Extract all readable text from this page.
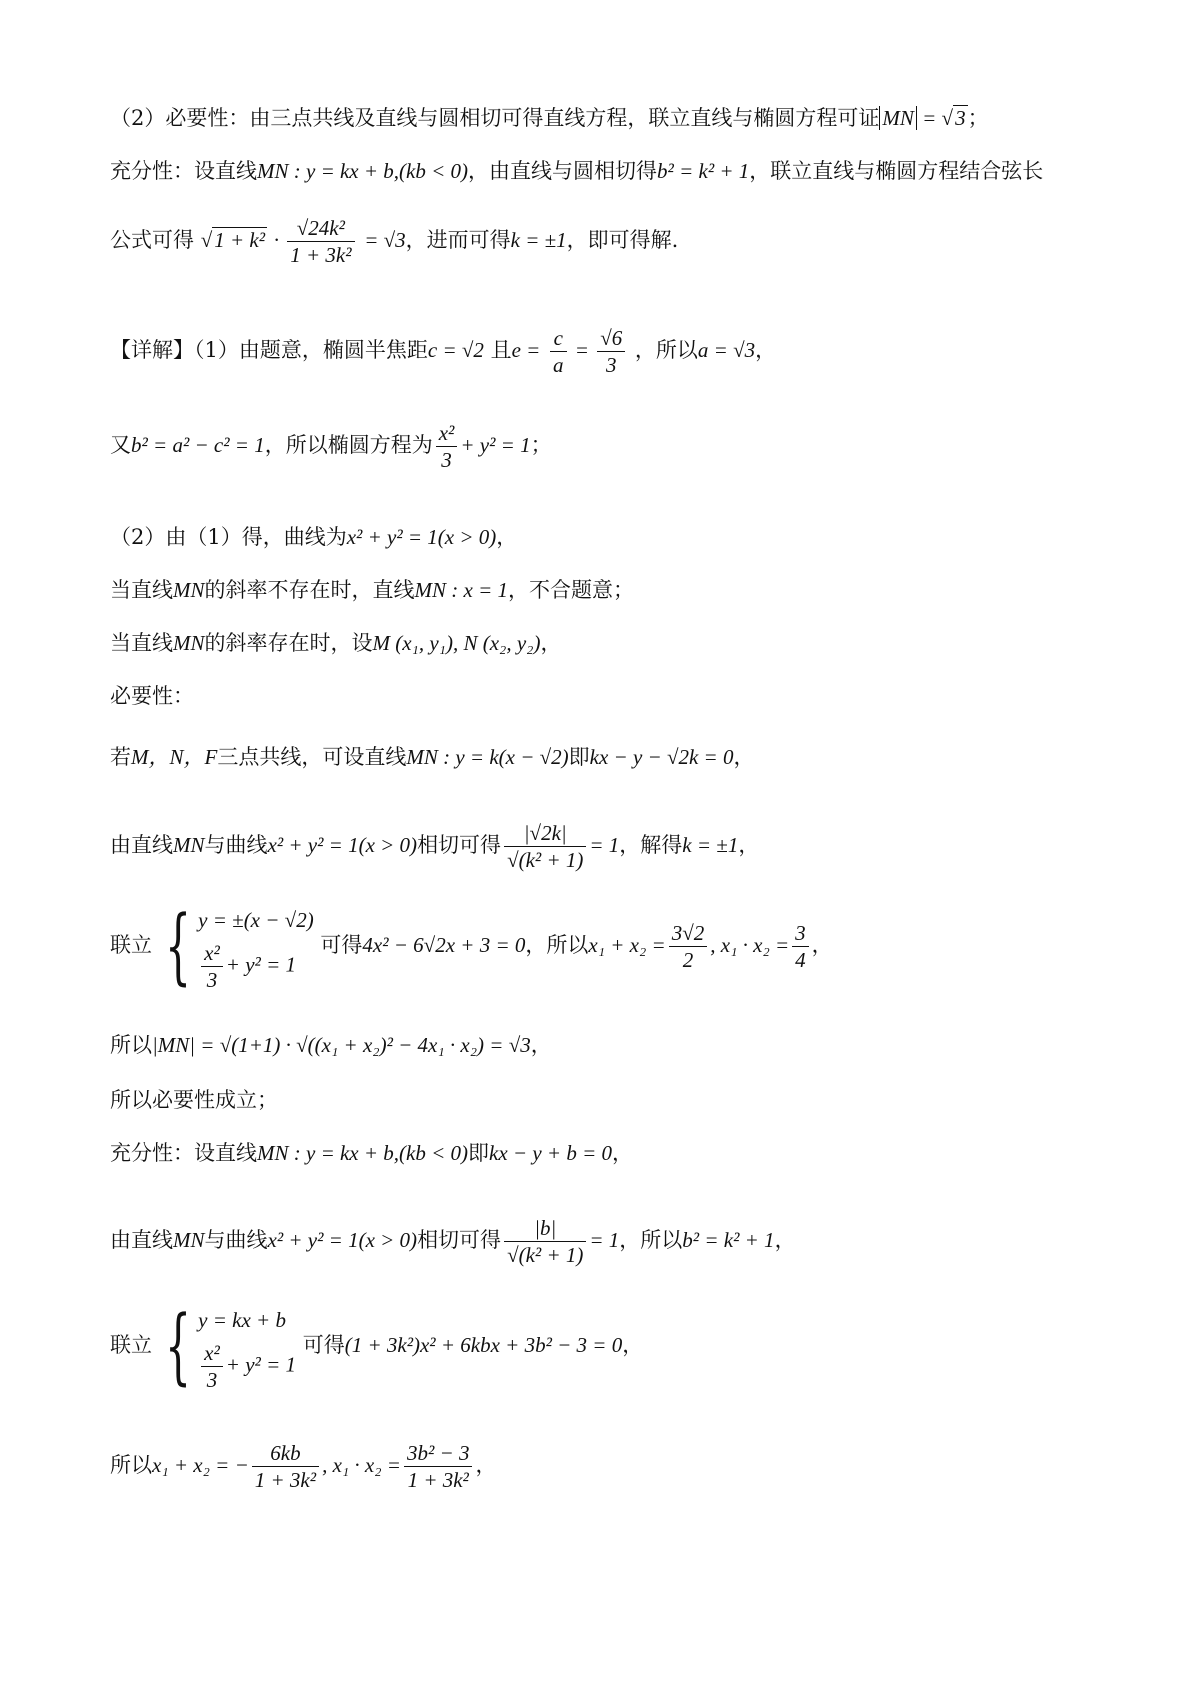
（2）必要性：由三点共线及直线与圆相切可得直线方程，联立直线与椭圆方程可证 MN = √3；
充分性：设直线MN : y = kx + b,(kb < 0)，由直线与圆相切得b² = k² + 1，联立直线与椭圆方程结合弦长
公式可得 $√1 + k^2 \cdot \frac{\text{√24k²}}{\text{1 + 3k²}} = √3$，进而可得k = ±1，即可得解.
【详解】（1）由题意，椭圆半焦距c = √2 且$e = \frac{c}{a} = \frac{√6}{3}$ ，所以a = √3，
又b² = a² − c² = 1，所以椭圆方程为 $\frac{\text{x²}}{3} + y^2 = 1$；
（2）由（1）得，曲线为x² + y² = 1(x > 0)，
当直线MN的斜率不存在时，直线MN : x = 1，不合题意；
当直线MN的斜率存在时，设M (x₁, y₁), N (x₂, y₂)，
必要性：
若M，N，F三点共线，可设直线MN : y = k(x − √2)即kx − y − √2k = 0，
由直线MN与曲线x² + y² = 1(x > 0)相切可得 $\frac{|√2k|}{\text{√(k² + 1)}} = 1$，解得k = ±1，
联立 { y = ±(x − √2)
$\frac{\text{x²}}{3} + y^2 = 1$
可得4x² − 6√2x + 3 = 0，所以$x_1 + x_2 = \frac{3√2}{2}$ , $x_1 \cdot x_2 = \frac{3}{4}$ ，
所以|MN| = √(1+1) · √((x₁ + x₂)² − 4x₁ · x₂) = √3，
所以必要性成立；
充分性：设直线MN : y = kx + b,(kb < 0)即kx − y + b = 0，
由直线MN与曲线x² + y² = 1(x > 0)相切可得 $\frac{|b|}{\text{√(k² + 1)}} = 1$，所以b² = k² + 1，
联立 { y = kx + b
$\frac{\text{x²}}{3} + y^2 = 1$
可得(1 + 3k²)x² + 6kbx + 3b² − 3 = 0，
所以x₁ + x₂ = − $\frac{6kb}{\text{1 + 3k²}}$ , $x_1 \cdot x_2 = \frac{\text{3b² − 3}}{\text{1 + 3k²}}$ ，
